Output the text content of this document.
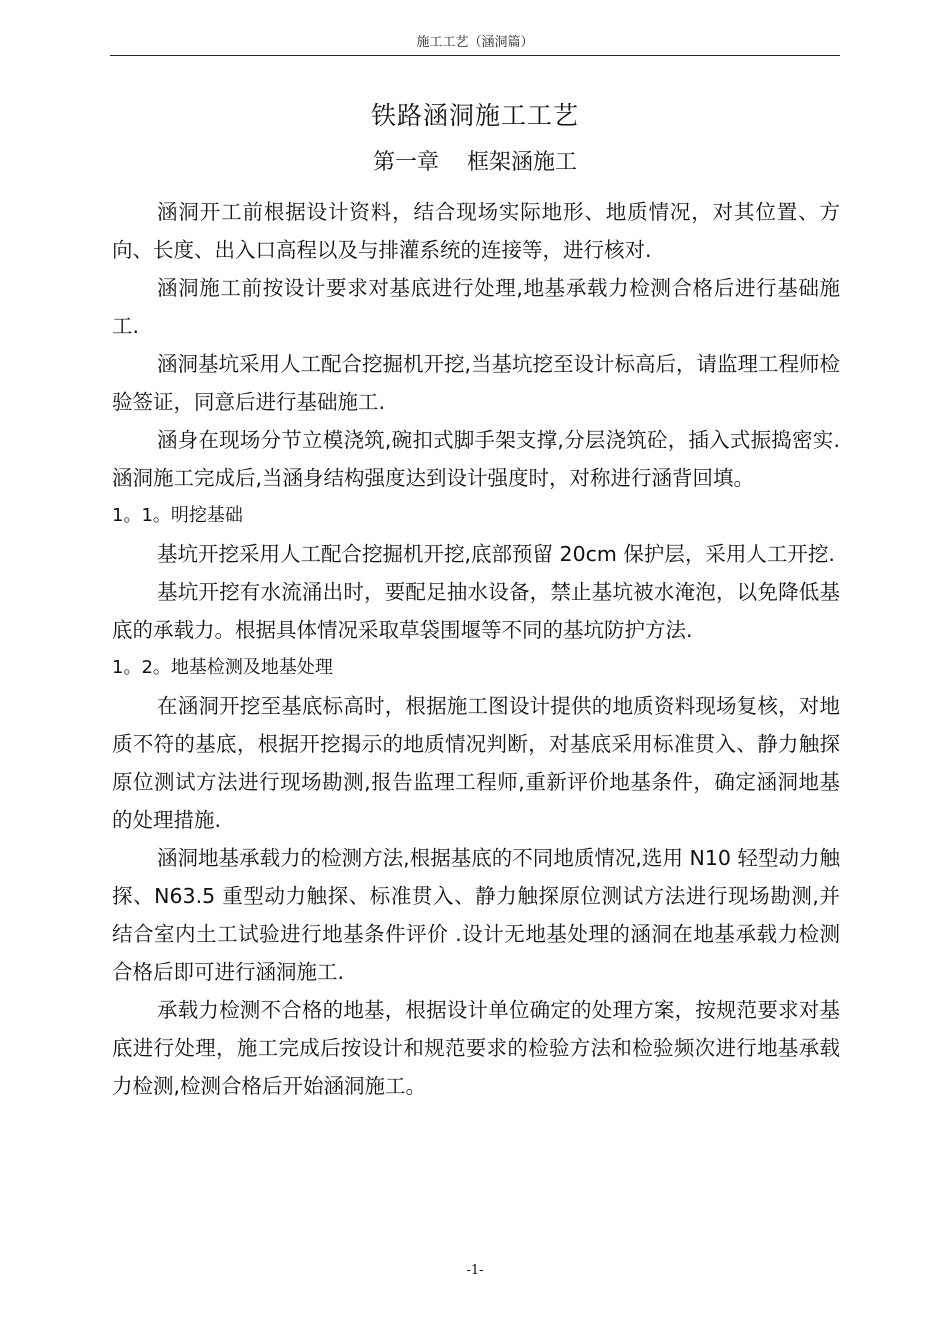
施工工艺（涵洞篇）
铁路涵洞施工工艺
第一章    框架涵施工

涵洞开工前根据设计资料，结合现场实际地形、地质情况，对其位置、方向、长度、出入口高程以及与排灌系统的连接等，进行核对.

涵洞施工前按设计要求对基底进行处理,地基承载力检测合格后进行基础施工.

涵洞基坑采用人工配合挖掘机开挖,当基坑挖至设计标高后，请监理工程师检验签证，同意后进行基础施工.

涵身在现场分节立模浇筑,碗扣式脚手架支撑,分层浇筑砼，插入式振捣密实.涵洞施工完成后,当涵身结构强度达到设计强度时，对称进行涵背回填。

1。1。明挖基础

基坑开挖采用人工配合挖掘机开挖,底部预留 20cm 保护层，采用人工开挖.

基坑开挖有水流涌出时，要配足抽水设备，禁止基坑被水淹泡，以免降低基底的承载力。根据具体情况采取草袋围堰等不同的基坑防护方法.

1。2。地基检测及地基处理

在涵洞开挖至基底标高时，根据施工图设计提供的地质资料现场复核，对地质不符的基底，根据开挖揭示的地质情况判断，对基底采用标准贯入、静力触探原位测试方法进行现场勘测,报告监理工程师,重新评价地基条件，确定涵洞地基的处理措施.

涵洞地基承载力的检测方法,根据基底的不同地质情况,选用 N10 轻型动力触探、N63.5 重型动力触探、标准贯入、静力触探原位测试方法进行现场勘测,并结合室内土工试验进行地基条件评价 .设计无地基处理的涵洞在地基承载力检测合格后即可进行涵洞施工.

承载力检测不合格的地基，根据设计单位确定的处理方案，按规范要求对基底进行处理，施工完成后按设计和规范要求的检验方法和检验频次进行地基承载力检测,检测合格后开始涵洞施工。

-1-
